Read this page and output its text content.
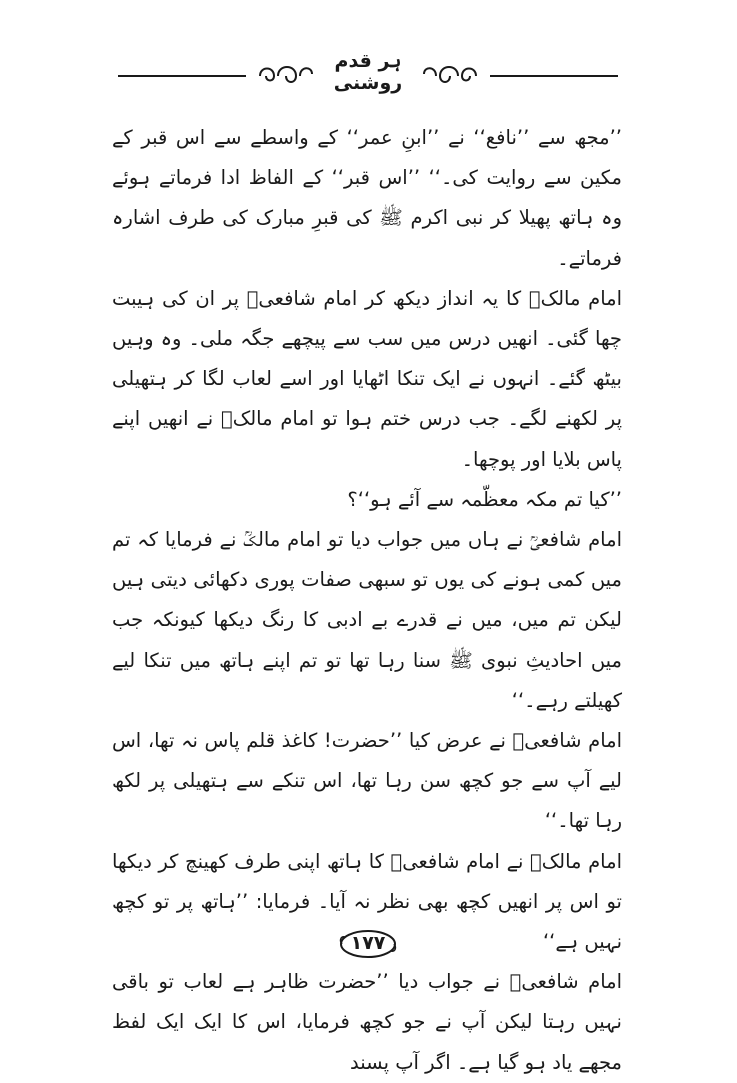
ہر قدم روشنی

’’مجھ سے ’’نافع‘‘ نے ’’ابنِ عمر‘‘ کے واسطے سے اس قبر کے مکین سے روایت کی۔‘‘ ’’اس قبر‘‘ کے الفاظ ادا فرماتے ہوئے وہ ہاتھ پھیلا کر نبی اکرم ﷺ کی قبرِ مبارک کی طرف اشارہ فرماتے۔

امام مالکؒ کا یہ انداز دیکھ کر امام شافعیؒ پر ان کی ہیبت چھا گئی۔ انھیں درس میں سب سے پیچھے جگہ ملی۔ وہ وہیں بیٹھ گئے۔ انہوں نے ایک تنکا اٹھایا اور اسے لعاب لگا کر ہتھیلی پر لکھنے لگے۔ جب درس ختم ہوا تو امام مالکؒ نے انھیں اپنے پاس بلایا اور پوچھا۔

’’کیا تم مکہ معظّمہ سے آئے ہو‘‘؟

امام شافعیؒ نے ہاں میں جواب دیا تو امام مالکؒ نے فرمایا کہ تم میں کمی ہونے کی یوں تو سبھی صفات پوری دکھائی دیتی ہیں لیکن تم میں، میں نے قدرے بے ادبی کا رنگ دیکھا کیونکہ جب میں احادیثِ نبوی ﷺ سنا رہا تھا تو تم اپنے ہاتھ میں تنکا لیے کھیلتے رہے۔‘‘

امام شافعیؒ نے عرض کیا ’’حضرت! کاغذ قلم پاس نہ تھا، اس لیے آپ سے جو کچھ سن رہا تھا، اس تنکے سے ہتھیلی پر لکھ رہا تھا۔‘‘

امام مالکؒ نے امام شافعیؒ کا ہاتھ اپنی طرف کھینچ کر دیکھا تو اس پر انھیں کچھ بھی نظر نہ آیا۔ فرمایا: ’’ہاتھ پر تو کچھ نہیں ہے‘‘

امام شافعیؒ نے جواب دیا ’’حضرت ظاہر ہے لعاب تو باقی نہیں رہتا لیکن آپ نے جو کچھ فرمایا، اس کا ایک ایک لفظ مجھے یاد ہو گیا ہے۔ اگر آپ پسند

۱۷۷
